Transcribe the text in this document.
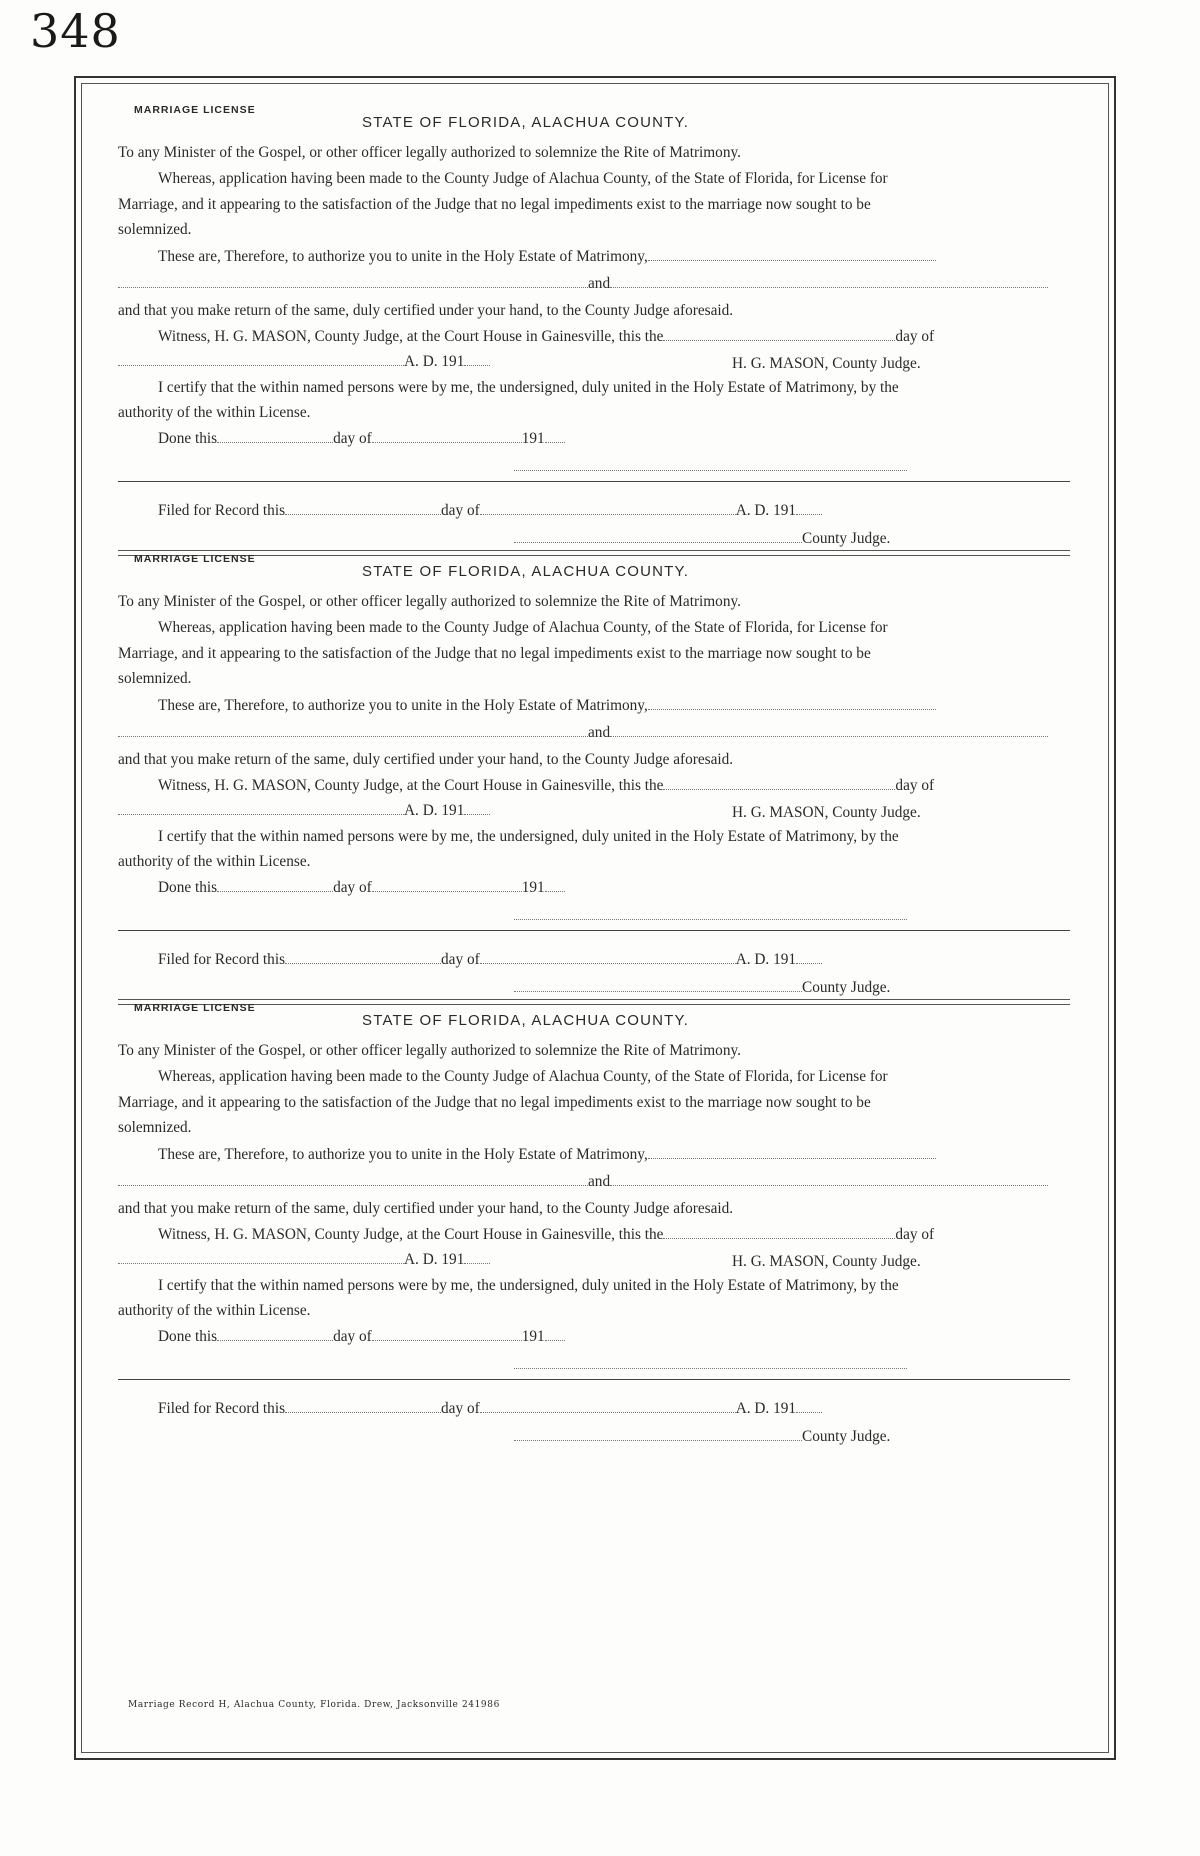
348
MARRIAGE LICENSE
STATE OF FLORIDA, ALACHUA COUNTY.
To any Minister of the Gospel, or other officer legally authorized to solemnize the Rite of Matrimony.
Whereas, application having been made to the County Judge of Alachua County, of the State of Florida, for License for
Marriage, and it appearing to the satisfaction of the Judge that no legal impediments exist to the marriage now sought to be
solemnized.
These are, Therefore, to authorize you to unite in the Holy Estate of Matrimony,
and
and that you make return of the same, duly certified under your hand, to the County Judge aforesaid.
Witness, H. G. MASON, County Judge, at the Court House in Gainesville, this the	day of
A. D. 191	H. G. MASON, County Judge.
I certify that the within named persons were by me, the undersigned, duly united in the Holy Estate of Matrimony, by the
authority of the within License.
Done this	day of	191
Filed for Record this	day of	A. D. 191
County Judge.
MARRIAGE LICENSE
STATE OF FLORIDA, ALACHUA COUNTY.
To any Minister of the Gospel, or other officer legally authorized to solemnize the Rite of Matrimony.
Whereas, application having been made to the County Judge of Alachua County, of the State of Florida, for License for
Marriage, and it appearing to the satisfaction of the Judge that no legal impediments exist to the marriage now sought to be
solemnized.
These are, Therefore, to authorize you to unite in the Holy Estate of Matrimony,
and
and that you make return of the same, duly certified under your hand, to the County Judge aforesaid.
Witness, H. G. MASON, County Judge, at the Court House in Gainesville, this the	day of
A. D. 191	H. G. MASON, County Judge.
I certify that the within named persons were by me, the undersigned, duly united in the Holy Estate of Matrimony, by the
authority of the within License.
Done this	day of	191
Filed for Record this	day of	A. D. 191
County Judge.
MARRIAGE LICENSE
STATE OF FLORIDA, ALACHUA COUNTY.
To any Minister of the Gospel, or other officer legally authorized to solemnize the Rite of Matrimony.
Whereas, application having been made to the County Judge of Alachua County, of the State of Florida, for License for
Marriage, and it appearing to the satisfaction of the Judge that no legal impediments exist to the marriage now sought to be
solemnized.
These are, Therefore, to authorize you to unite in the Holy Estate of Matrimony,
and
and that you make return of the same, duly certified under your hand, to the County Judge aforesaid.
Witness, H. G. MASON, County Judge, at the Court House in Gainesville, this the	day of
A. D. 191	H. G. MASON, County Judge.
I certify that the within named persons were by me, the undersigned, duly united in the Holy Estate of Matrimony, by the
authority of the within License.
Done this	day of	191
Filed for Record this	day of	A. D. 191
County Judge.
Marriage Record H, Alachua County, Florida. Drew, Jacksonville 241986
